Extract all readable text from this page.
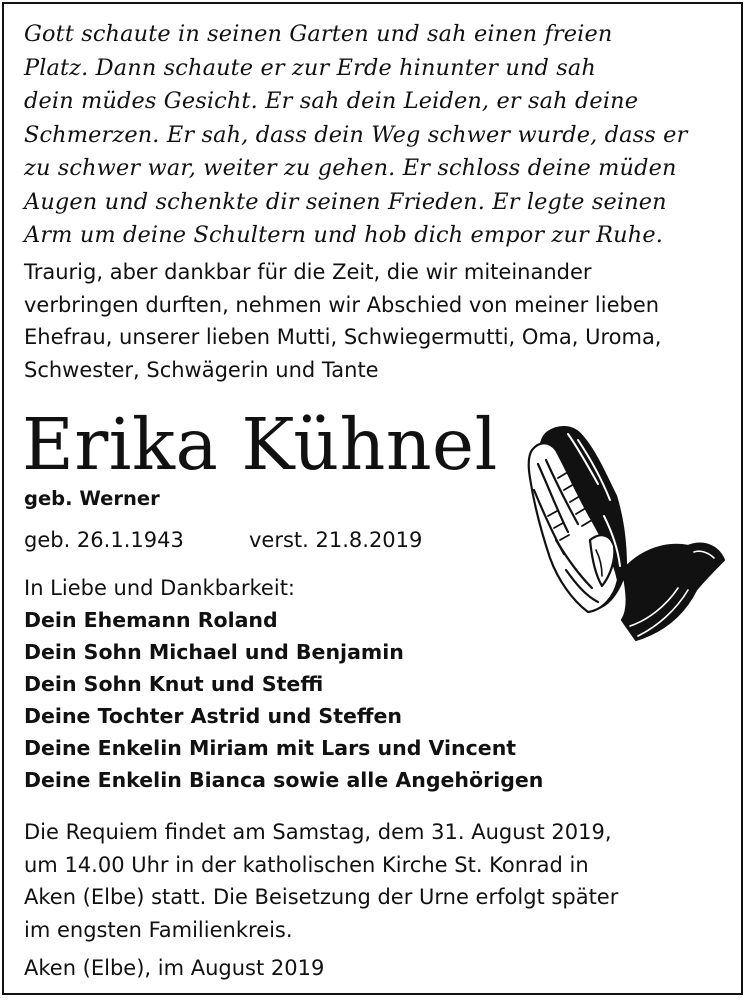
Gott schaute in seinen Garten und sah einen freien
Platz. Dann schaute er zur Erde hinunter und sah
dein müdes Gesicht. Er sah dein Leiden, er sah deine
Schmerzen. Er sah, dass dein Weg schwer wurde, dass er
zu schwer war, weiter zu gehen. Er schloss deine müden
Augen und schenkte dir seinen Frieden. Er legte seinen
Arm um deine Schultern und hob dich empor zur Ruhe.
Traurig, aber dankbar für die Zeit, die wir miteinander
verbringen durften, nehmen wir Abschied von meiner lieben
Ehefrau, unserer lieben Mutti, Schwiegermutti, Oma, Uroma,
Schwester, Schwägerin und Tante
Erika Kühnel
geb. Werner
geb. 26.1.1943	verst. 21.8.2019
In Liebe und Dankbarkeit:
Dein Ehemann Roland
Dein Sohn Michael und Benjamin
Dein Sohn Knut und Steffi
Deine Tochter Astrid und Steffen
Deine Enkelin Miriam mit Lars und Vincent
Deine Enkelin Bianca sowie alle Angehörigen
Die Requiem findet am Samstag, dem 31. August 2019,
um 14.00 Uhr in der katholischen Kirche St. Konrad in
Aken (Elbe) statt. Die Beisetzung der Urne erfolgt später
im engsten Familienkreis.
Aken (Elbe), im August 2019
